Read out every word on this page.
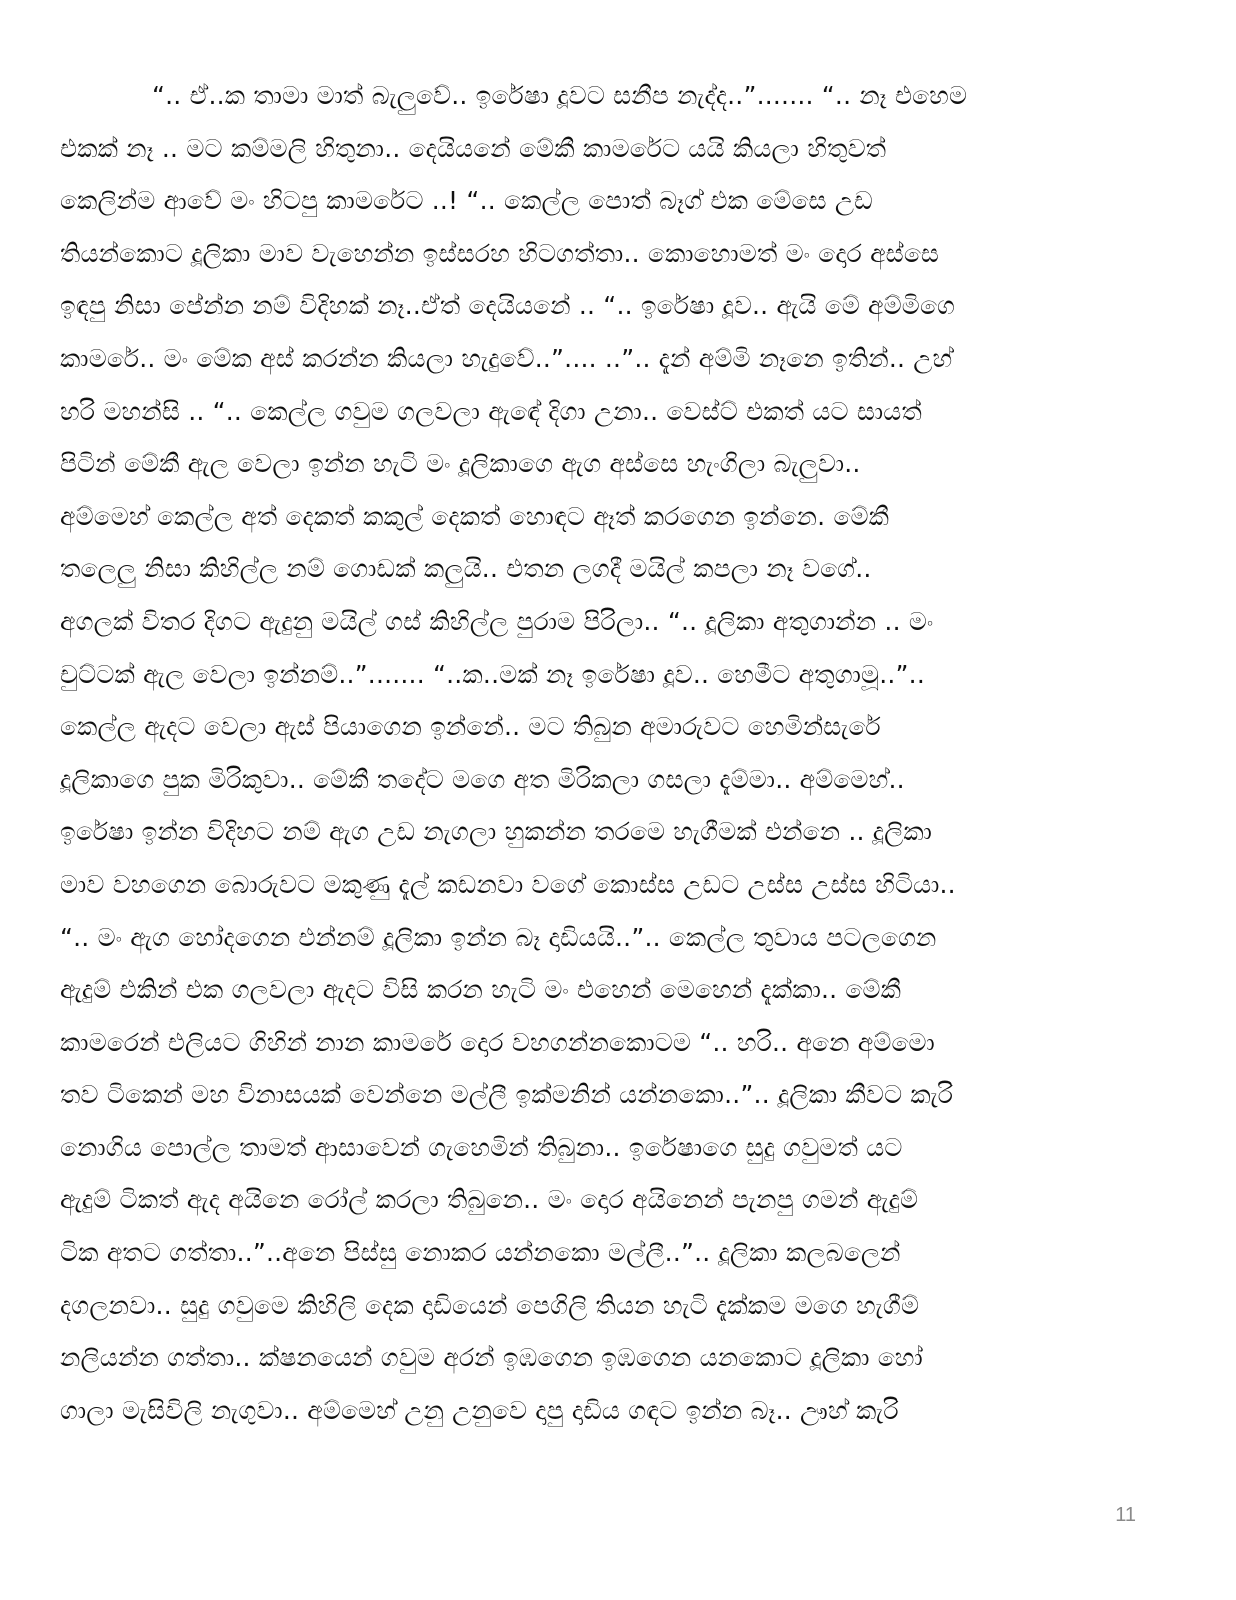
“.. ඒ..ක තාමා මාත් බැලුවේ.. ඉරේෂා දූවට සනීප නැද්ද..”....... “.. නෑ එහෙම
එකක් නෑ .. මට කම්මලි හිතුනා.. දෙයියනේ මේකී කාමරේට යයි කියලා හිතුවත්
කෙලින්ම ආවේ මං හිටපු කාමරේට ..! “.. කෙල්ල පොත් බෑග් එක මේසෙ උඩ
තියන්කොට දූලිකා මාව වැහෙන්න ඉස්සරහ හිටගත්තා.. කොහොමත් මං දොර අස්සෙ
ඉඳපු නිසා පේන්න නම් විදිහක් නෑ..ඒත් දෙයියනේ .. “.. ඉරේෂා දූව.. ඇයි මේ අම්මිගෙ
කාමරේ.. මං මේක අස් කරන්න කියලා හැදුවේ..”.... ..”.. දැන් අම්මි නෑනෙ ඉතින්.. උහ්
හරි මහන්සි .. “.. කෙල්ල ගවුම ගලවලා ඇඳේ දිගා උනා.. වෙස්ට් එකත් යට සායත්
පිටින් මේකී ඇල වෙලා ඉන්න හැටි මං දූලිකාගෙ ඇග අස්සෙ හැංගිලා බැලුවා..
අම්මෙහ් කෙල්ල අත් දෙකත් කකුල් දෙකත් හොඳට ඈත් කරගෙන ඉන්නෙ. මේකී
තලෙලු නිසා කිහිල්ල නම් ගොඩක් කලුයි.. එතන ලගදී මයිල් කපලා නෑ වගේ..
අගලක් විතර දිගට ඇදුනු මයිල් ගස් කිහිල්ල පුරාම පිරිලා.. “.. දූලිකා අතුගාන්න .. මං
චුට්ටක් ඇල වෙලා ඉන්නම්..”....... “..ක..මක් නෑ ඉරේෂා දූව.. හෙමීට අතුගාමූ..”..
කෙල්ල ඇදට වෙලා ඇස් පියාගෙන ඉන්නේ.. මට තිබුන අමාරුවට හෙමින්සැරේ
දූලිකාගෙ පුක මිරිකුවා.. මේකී තදේට මගෙ අත මිරිකලා ගසලා දැම්මා.. අම්මෙහ්..
ඉරේෂා ඉන්න විදිහට නම් ඇග උඩ නැගලා හුකන්න තරමෙ හැගීමක් එන්නෙ .. දූලිකා
මාව වහගෙන බොරුවට මකුණු දැල් කඩනවා වගේ කොස්ස උඩට උස්ස උස්ස හිටියා..
“.. මං ඇග හෝදගෙන එන්නම් දූලිකා ඉන්න බෑ දාඩියයි..”.. කෙල්ල තුවාය පටලගෙන
ඇදුම් එකින් එක ගලවලා ඇදට විසි කරන හැටි මං එහෙන් මෙහෙන් දැක්කා.. මේකී
කාමරෙන් එලියට ගිහින් නාන කාමරේ දොර වහගන්නකොටම “.. හරි.. අනෙ අම්මො
තව ටිකෙන් මහ විනාසයක් වෙන්නෙ මල්ලී ඉක්මනින් යන්නකො..”.. දූලිකා කීවට කැරි
නොගිය පොල්ල තාමත් ආසාවෙන් ගැහෙමින් තිබුනා.. ඉරේෂාගෙ සුදු ගවුමත් යට
ඇදුම් ටිකත් ඇද අයිනෙ රෝල් කරලා තිබුනෙ.. මං දොර අයිනෙන් පැනපු ගමන් ඇදුම්
ටික අතට ගත්තා..”..අනෙ පිස්සු නොකර යන්නකො මල්ලී..”.. දූලිකා කලබලෙන්
දගලනවා.. සුදු ගවුමෙ කිහිලි දෙක දාඩියෙන් පෙගිලි තියන හැටි දැක්කම මගෙ හැගීම්
නලියන්න ගත්තා.. ක්ෂනයෙන් ගවුම අරන් ඉඹගෙන ඉඹගෙන යනකොට දූලිකා හෝ
ගාලා මැසිවිලි නැගුවා.. අම්මෙහ් උනු උනුවෙ දාපු දාඩිය ගඳට ඉන්න බෑ.. ඌහ් කැරි
11
